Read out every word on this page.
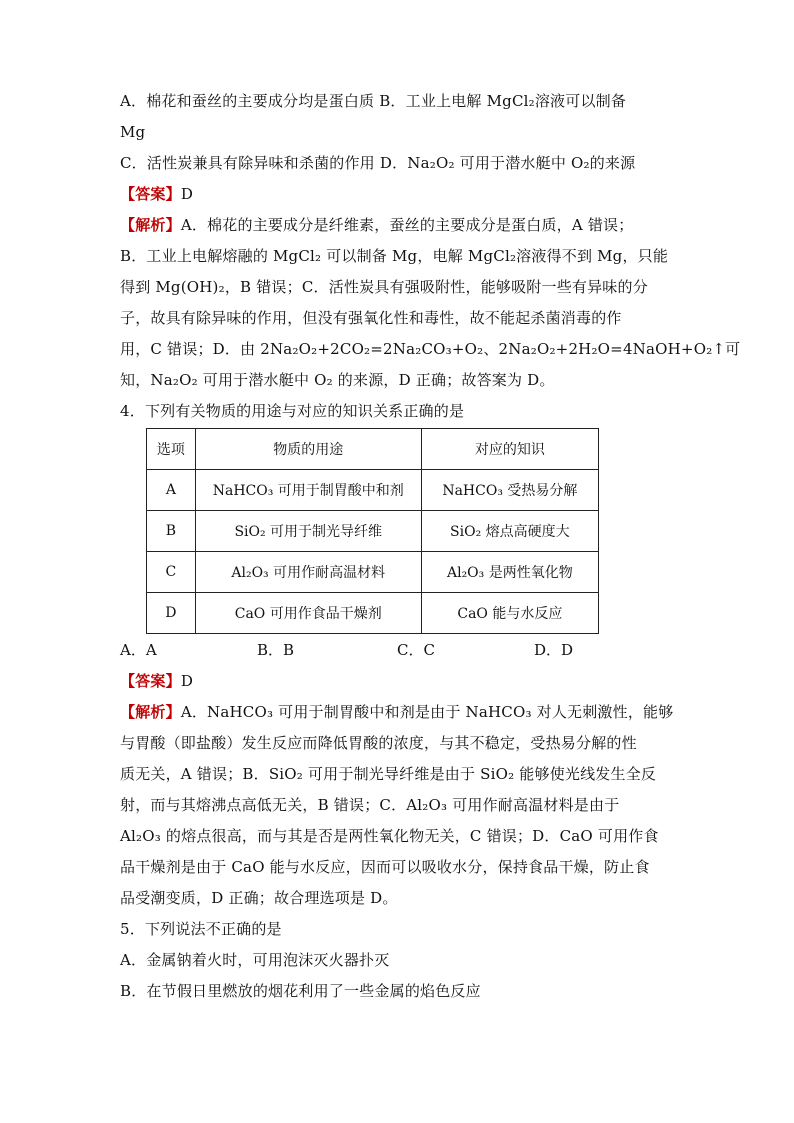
A．棉花和蚕丝的主要成分均是蛋白质 B．工业上电解 MgCl₂溶液可以制备
Mg
C．活性炭兼具有除异味和杀菌的作用 D．Na₂O₂ 可用于潜水艇中 O₂的来源
【答案】D
【解析】A．棉花的主要成分是纤维素，蚕丝的主要成分是蛋白质，A 错误；
B．工业上电解熔融的 MgCl₂ 可以制备 Mg，电解 MgCl₂溶液得不到 Mg，只能
得到 Mg(OH)₂，B 错误；C．活性炭具有强吸附性，能够吸附一些有异味的分
子，故具有除异味的作用，但没有强氧化性和毒性，故不能起杀菌消毒的作
用，C 错误；D．由 2Na₂O₂+2CO₂=2Na₂CO₃+O₂、2Na₂O₂+2H₂O=4NaOH+O₂↑可
知，Na₂O₂ 可用于潜水艇中 O₂ 的来源，D 正确；故答案为 D。
4．下列有关物质的用途与对应的知识关系正确的是
选项	物质的用途	对应的知识
A	NaHCO₃ 可用于制胃酸中和剂	NaHCO₃ 受热易分解
B	SiO₂ 可用于制光导纤维	SiO₂ 熔点高硬度大
C	Al₂O₃ 可用作耐高温材料	Al₂O₃ 是两性氧化物
D	CaO 可用作食品干燥剂	CaO 能与水反应
A．A	B．B	C．C	D．D
【答案】D
【解析】A．NaHCO₃ 可用于制胃酸中和剂是由于 NaHCO₃ 对人无刺激性，能够
与胃酸（即盐酸）发生反应而降低胃酸的浓度，与其不稳定，受热易分解的性
质无关，A 错误；B．SiO₂ 可用于制光导纤维是由于 SiO₂ 能够使光线发生全反
射，而与其熔沸点高低无关，B 错误；C．Al₂O₃ 可用作耐高温材料是由于
Al₂O₃ 的熔点很高，而与其是否是两性氧化物无关，C 错误；D．CaO 可用作食
品干燥剂是由于 CaO 能与水反应，因而可以吸收水分，保持食品干燥，防止食
品受潮变质，D 正确；故合理选项是 D。
5．下列说法不正确的是
A．金属钠着火时，可用泡沫灭火器扑灭
B．在节假日里燃放的烟花利用了一些金属的焰色反应
